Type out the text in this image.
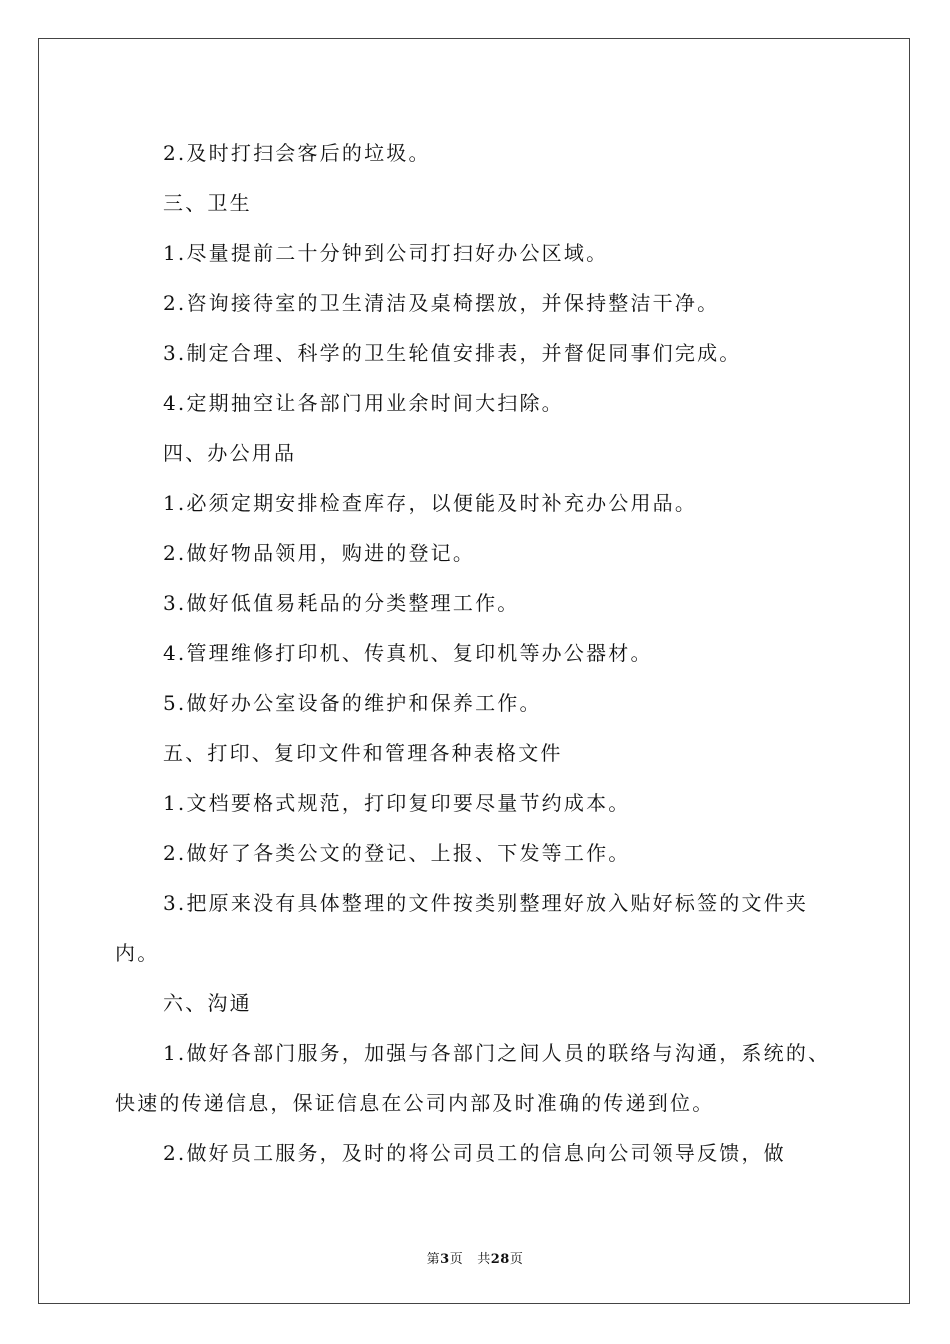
2.及时打扫会客后的垃圾。

三、卫生

1.尽量提前二十分钟到公司打扫好办公区域。

2.咨询接待室的卫生清洁及桌椅摆放，并保持整洁干净。

3.制定合理、科学的卫生轮值安排表，并督促同事们完成。

4.定期抽空让各部门用业余时间大扫除。

四、办公用品

1.必须定期安排检查库存，以便能及时补充办公用品。

2.做好物品领用，购进的登记。

3.做好低值易耗品的分类整理工作。

4.管理维修打印机、传真机、复印机等办公器材。

5.做好办公室设备的维护和保养工作。

五、打印、复印文件和管理各种表格文件

1.文档要格式规范，打印复印要尽量节约成本。

2.做好了各类公文的登记、上报、下发等工作。

3.把原来没有具体整理的文件按类别整理好放入贴好标签的文件夹内。

六、沟通

1.做好各部门服务，加强与各部门之间人员的联络与沟通，系统的、快速的传递信息，保证信息在公司内部及时准确的传递到位。

2.做好员工服务，及时的将公司员工的信息向公司领导反馈，做

第3页 共28页
